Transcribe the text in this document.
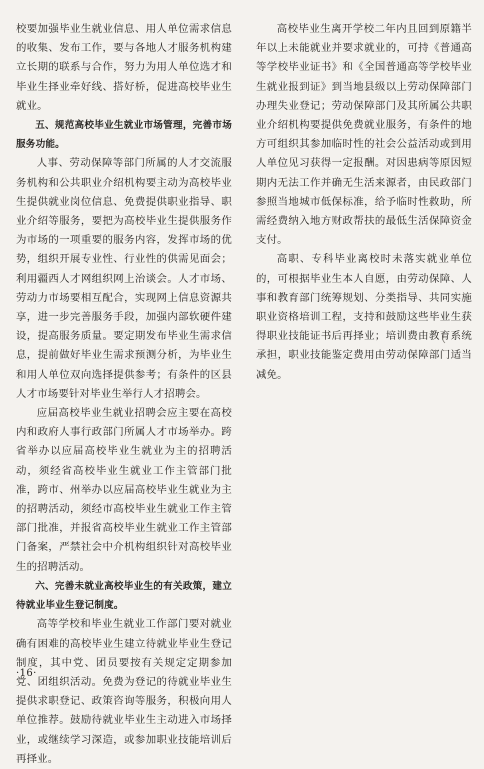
校要加强毕业生就业信息、用人单位需求信息的收集、发布工作，要与各地人才服务机构建立长期的联系与合作，努力为用人单位选才和毕业生择业牵好线、搭好桥，促进高校毕业生就业。

五、规范高校毕业生就业市场管理，完善市场服务功能。

人事、劳动保障等部门所属的人才交流服务机构和公共职业介绍机构要主动为高校毕业生提供就业岗位信息、免费提供职业指导、职业介绍等服务，要把为高校毕业生提供服务作为市场的一项重要的服务内容，发挥市场的优势，组织开展专业性、行业性的供需见面会；利用疆西人才网组织网上治谈会。人才市场、劳动力市场要相互配合，实现网上信息资源共享，进一步完善服务手段，加强内部软硬件建设，提高服务质量。要定期发布毕业生需求信息，提前做好毕业生需求预测分析，为毕业生和用人单位双向选择提供参考；有条件的区县人才市场要针对毕业生举行人才招聘会。

应届高校毕业生就业招聘会应主要在高校内和政府人事行政部门所属人才市场举办。跨省举办以应届高校毕业生就业为主的招聘活动，须经省高校毕业生就业工作主管部门批准，跨市、州举办以应届高校毕业生就业为主的招聘活动，须经市高校毕业生就业工作主管部门批准，并报省高校毕业生就业工作主管部门备案，严禁社会中介机构组织针对高校毕业生的招聘活动。

六、完善未就业高校毕业生的有关政策，建立待就业毕业生登记制度。

高等学校和毕业生就业工作部门要对就业确有困难的高校毕业生建立待就业毕业生登记制度，其中党、团员要按有关规定定期参加党、团组织活动。免费为登记的待就业毕业生提供求职登记、政策咨询等服务，积极向用人单位推荐。鼓励待就业毕业生主动进入市场择业，或继续学习深造，或参加职业技能培训后再择业。

高校毕业生离开学校二年内且回到原籍半年以上未能就业并要求就业的，可持《普通高等学校毕业证书》和《全国普通高等学校毕业生就业报到证》到当地县级以上劳动保障部门办理失业登记；劳动保障部门及其所属公共职业介绍机构要提供免费就业服务，有条件的地方可组织其参加临时性的社会公益活动或到用人单位见习获得一定报酬。对因患病等原因短期内无法工作并确无生活来源者，由民政部门参照当地城市低保标准，给予临时性救助，所需经费纳入地方财政帮扶的最低生活保障资金支付。

高职、专科毕业离校时未落实就业单位的，可根据毕业生本人自愿，由劳动保障、人事和教育部门统筹规划、分类指导、共同实施职业资格培训工程，支持和鼓励这些毕业生获得职业技能证书后再择业；培训费由教育系统承担，职业技能鉴定费用由劳动保障部门适当减免。

·16·
